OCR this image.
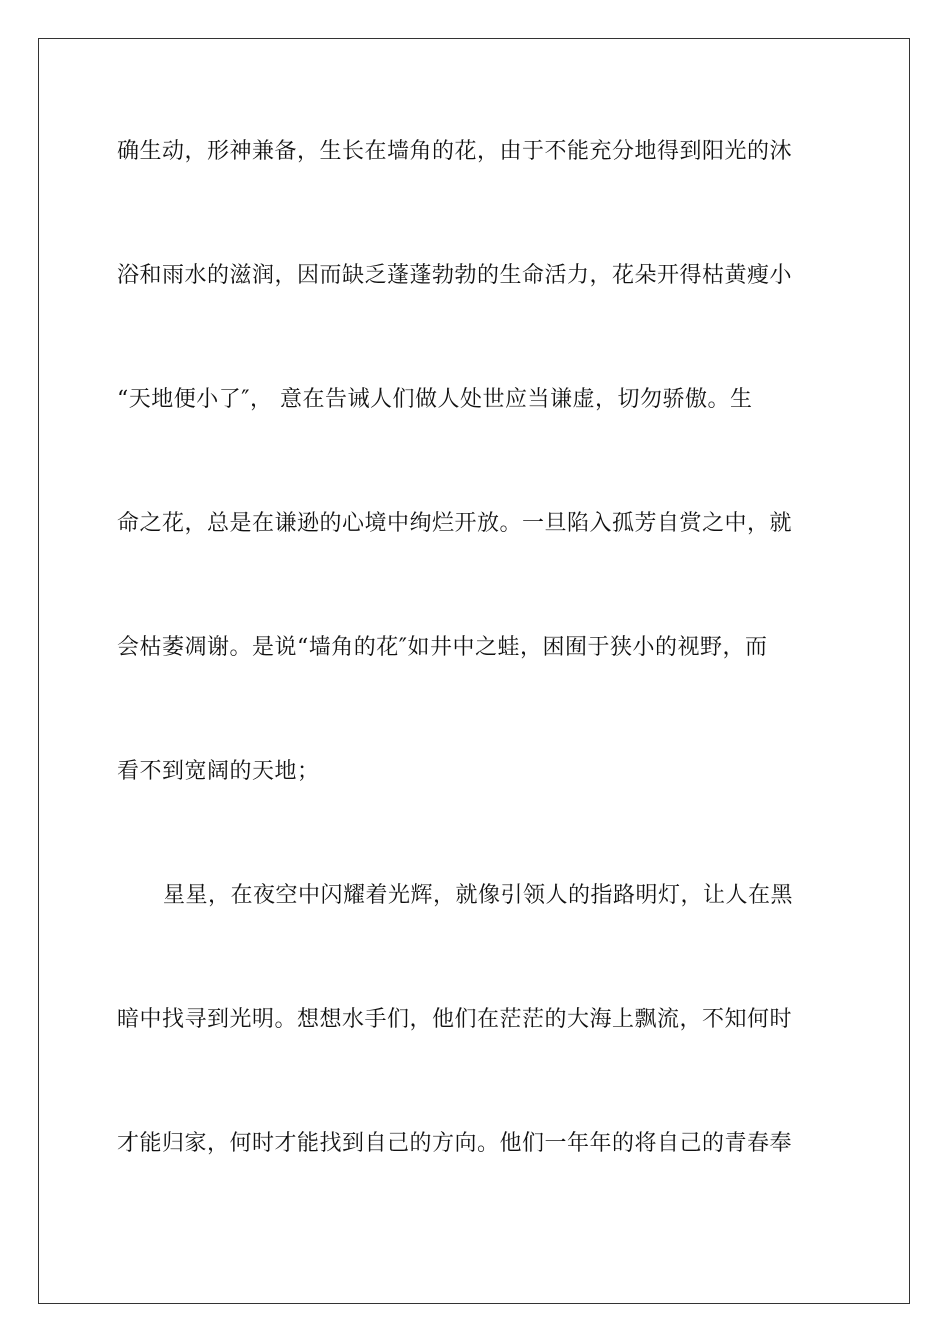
确生动，形神兼备，生长在墙角的花，由于不能充分地得到阳光的沐
浴和雨水的滋润，因而缺乏蓬蓬勃勃的生命活力，花朵开得枯黄瘦小
“天地便小了″， 意在告诫人们做人处世应当谦虚，切勿骄傲。生
命之花，总是在谦逊的心境中绚烂开放。一旦陷入孤芳自赏之中，就
会枯萎凋谢。是说“墙角的花″如井中之蛙，困囿于狭小的视野，而
看不到宽阔的天地；
星星，在夜空中闪耀着光辉，就像引领人的指路明灯，让人在黑
暗中找寻到光明。想想水手们，他们在茫茫的大海上飘流，不知何时
才能归家，何时才能找到自己的方向。他们一年年的将自己的青春奉
